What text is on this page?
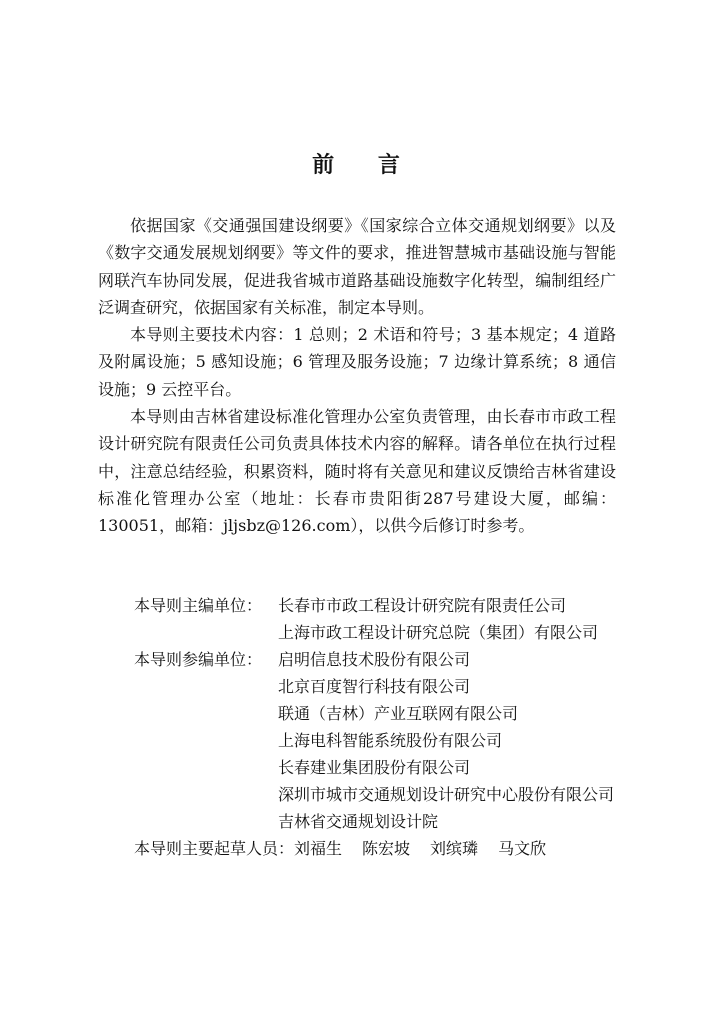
前 言

依据国家《交通强国建设纲要》《国家综合立体交通规划纲要》以及《数字交通发展规划纲要》等文件的要求，推进智慧城市基础设施与智能网联汽车协同发展，促进我省城市道路基础设施数字化转型，编制组经广泛调查研究，依据国家有关标准，制定本导则。

本导则主要技术内容：1 总则；2 术语和符号；3 基本规定；4 道路及附属设施；5 感知设施；6 管理及服务设施；7 边缘计算系统；8 通信设施；9 云控平台。

本导则由吉林省建设标准化管理办公室负责管理，由长春市市政工程设计研究院有限责任公司负责具体技术内容的解释。请各单位在执行过程中，注意总结经验，积累资料，随时将有关意见和建议反馈给吉林省建设标准化管理办公室（地址：长春市贵阳街287号建设大厦，邮编：130051，邮箱：jljsbz@126.com），以供今后修订时参考。

本导则主编单位： 长春市市政工程设计研究院有限责任公司
上海市政工程设计研究总院（集团）有限公司
本导则参编单位： 启明信息技术股份有限公司
北京百度智行科技有限公司
联通（吉林）产业互联网有限公司
上海电科智能系统股份有限公司
长春建业集团股份有限公司
深圳市城市交通规划设计研究中心股份有限公司
吉林省交通规划设计院
本导则主要起草人员： 刘福生 陈宏坡 刘缤璘 马文欣
